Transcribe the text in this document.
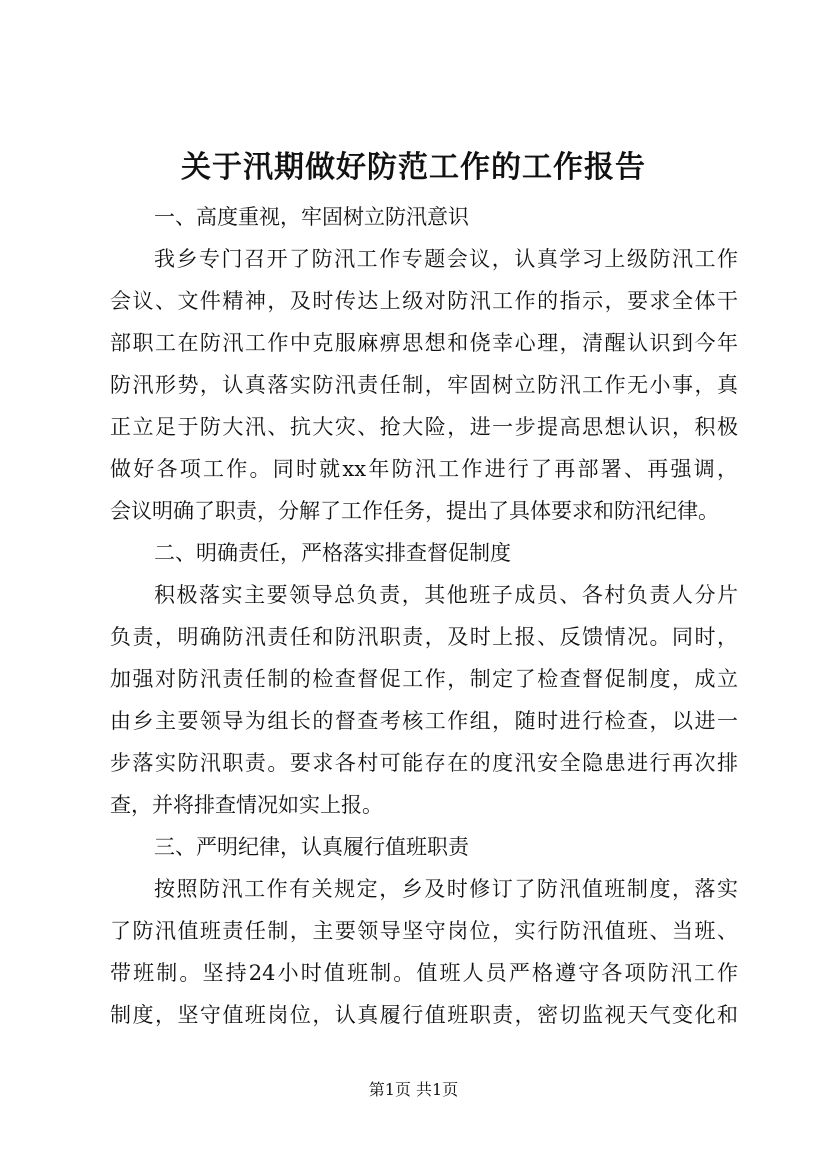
关于汛期做好防范工作的工作报告
一、高度重视，牢固树立防汛意识
我乡专门召开了防汛工作专题会议，认真学习上级防汛工作
会议、文件精神，及时传达上级对防汛工作的指示，要求全体干
部职工在防汛工作中克服麻痹思想和侥幸心理，清醒认识到今年
防汛形势，认真落实防汛责任制，牢固树立防汛工作无小事，真
正立足于防大汛、抗大灾、抢大险，进一步提高思想认识，积极
做好各项工作。同时就xx年防汛工作进行了再部署、再强调，
会议明确了职责，分解了工作任务，提出了具体要求和防汛纪律。
二、明确责任，严格落实排查督促制度
积极落实主要领导总负责，其他班子成员、各村负责人分片
负责，明确防汛责任和防汛职责，及时上报、反馈情况。同时，
加强对防汛责任制的检查督促工作，制定了检查督促制度，成立
由乡主要领导为组长的督查考核工作组，随时进行检查，以进一
步落实防汛职责。要求各村可能存在的度汛安全隐患进行再次排
查，并将排查情况如实上报。
三、严明纪律，认真履行值班职责
按照防汛工作有关规定，乡及时修订了防汛值班制度，落实
了防汛值班责任制，主要领导坚守岗位，实行防汛值班、当班、
带班制。坚持24小时值班制。值班人员严格遵守各项防汛工作
制度，坚守值班岗位，认真履行值班职责，密切监视天气变化和
第1页 共1页
